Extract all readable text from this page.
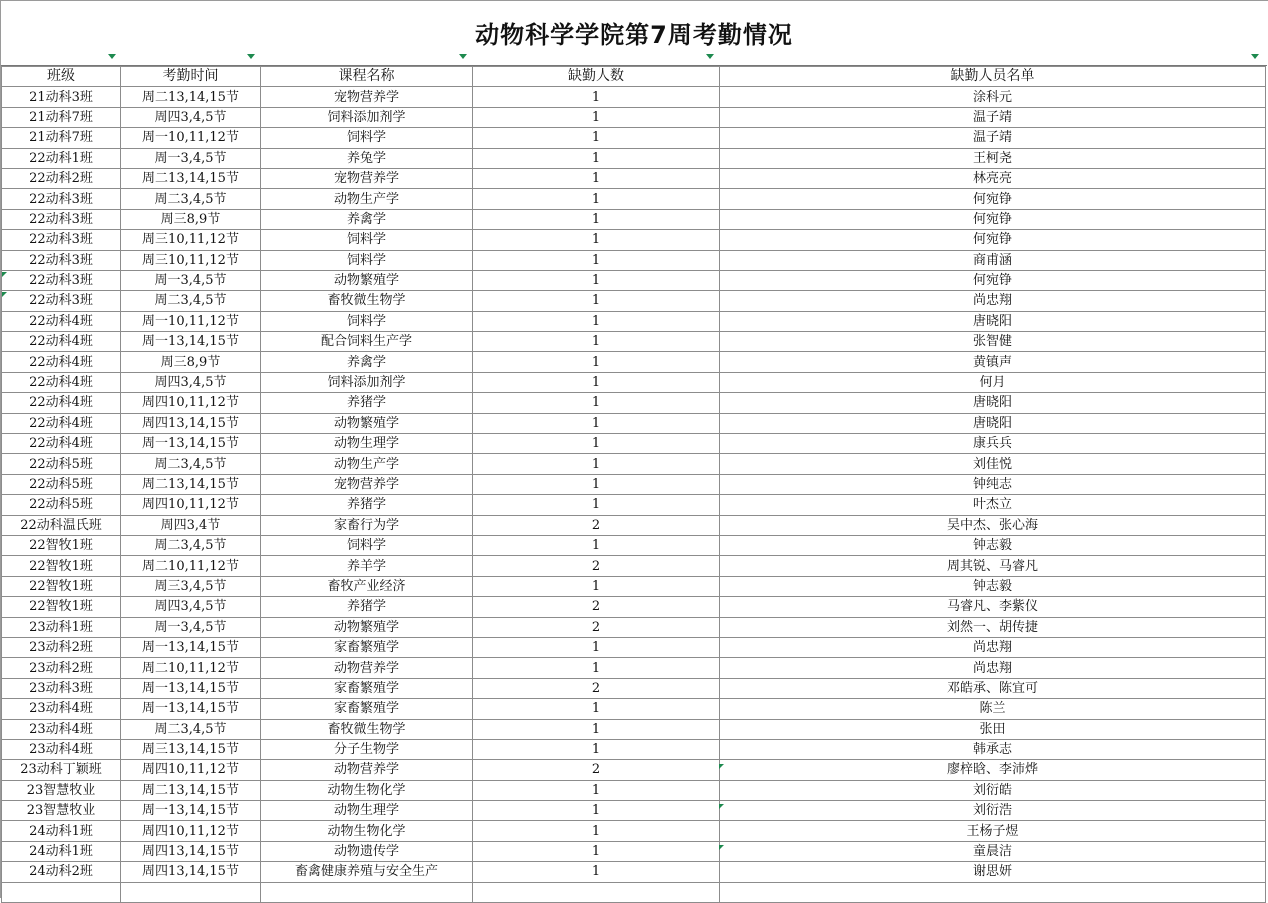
动物科学学院第7周考勤情况
班级	考勤时间	课程名称	缺勤人数	缺勤人员名单
21动科3班	周二13,14,15节	宠物营养学	1	涂科元
21动科7班	周四3,4,5节	饲料添加剂学	1	温子靖
21动科7班	周一10,11,12节	饲料学	1	温子靖
22动科1班	周一3,4,5节	养兔学	1	王柯尧
22动科2班	周二13,14,15节	宠物营养学	1	林亮亮
22动科3班	周二3,4,5节	动物生产学	1	何宛铮
22动科3班	周三8,9节	养禽学	1	何宛铮
22动科3班	周三10,11,12节	饲料学	1	何宛铮
22动科3班	周三10,11,12节	饲料学	1	商甫涵
22动科3班	周一3,4,5节	动物繁殖学	1	何宛铮
22动科3班	周二3,4,5节	畜牧微生物学	1	尚忠翔
22动科4班	周一10,11,12节	饲料学	1	唐晓阳
22动科4班	周一13,14,15节	配合饲料生产学	1	张智健
22动科4班	周三8,9节	养禽学	1	黄镇声
22动科4班	周四3,4,5节	饲料添加剂学	1	何月
22动科4班	周四10,11,12节	养猪学	1	唐晓阳
22动科4班	周四13,14,15节	动物繁殖学	1	唐晓阳
22动科4班	周一13,14,15节	动物生理学	1	康兵兵
22动科5班	周二3,4,5节	动物生产学	1	刘佳悦
22动科5班	周二13,14,15节	宠物营养学	1	钟纯志
22动科5班	周四10,11,12节	养猪学	1	叶杰立
22动科温氏班	周四3,4节	家畜行为学	2	吴中杰、张心海
22智牧1班	周二3,4,5节	饲料学	1	钟志毅
22智牧1班	周二10,11,12节	养羊学	2	周其锐、马睿凡
22智牧1班	周三3,4,5节	畜牧产业经济	1	钟志毅
22智牧1班	周四3,4,5节	养猪学	2	马睿凡、李紫仪
23动科1班	周一3,4,5节	动物繁殖学	2	刘然一、胡传捷
23动科2班	周一13,14,15节	家畜繁殖学	1	尚忠翔
23动科2班	周二10,11,12节	动物营养学	1	尚忠翔
23动科3班	周一13,14,15节	家畜繁殖学	2	邓皓承、陈宜可
23动科4班	周一13,14,15节	家畜繁殖学	1	陈兰
23动科4班	周二3,4,5节	畜牧微生物学	1	张田
23动科4班	周三13,14,15节	分子生物学	1	韩承志
23动科丁颖班	周四10,11,12节	动物营养学	2	廖梓晗、李沛烨
23智慧牧业	周二13,14,15节	动物生物化学	1	刘衍皓
23智慧牧业	周一13,14,15节	动物生理学	1	刘衍浩
24动科1班	周四10,11,12节	动物生物化学	1	王杨子煜
24动科1班	周四13,14,15节	动物遗传学	1	童晨洁
24动科2班	周四13,14,15节	畜禽健康养殖与安全生产	1	谢思妍
